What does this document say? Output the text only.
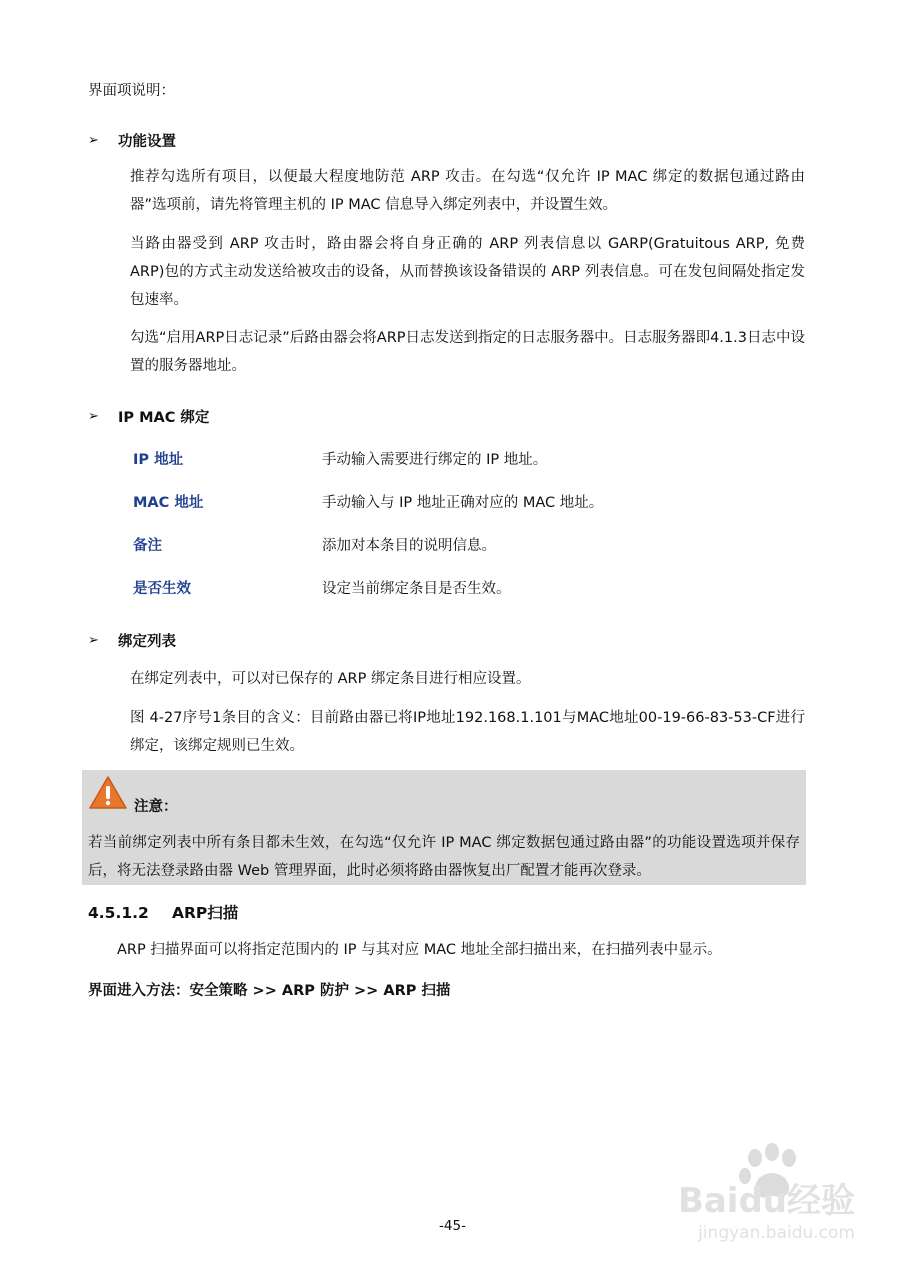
界面项说明：
➢	功能设置
推荐勾选所有项目，以便最大程度地防范 ARP 攻击。在勾选“仅允许 IP MAC 绑定的数据包通过路由器”选项前，请先将管理主机的 IP MAC 信息导入绑定列表中，并设置生效。
当路由器受到 ARP 攻击时，路由器会将自身正确的 ARP 列表信息以 GARP(Gratuitous ARP, 免费 ARP)包的方式主动发送给被攻击的设备，从而替换该设备错误的 ARP 列表信息。可在发包间隔处指定发包速率。
勾选“启用ARP日志记录”后路由器会将ARP日志发送到指定的日志服务器中。日志服务器即4.1.3日志中设置的服务器地址。
➢	IP MAC 绑定
IP 地址	手动输入需要进行绑定的 IP 地址。
MAC 地址	手动输入与 IP 地址正确对应的 MAC 地址。
备注	添加对本条目的说明信息。
是否生效	设定当前绑定条目是否生效。
➢	绑定列表
在绑定列表中，可以对已保存的 ARP 绑定条目进行相应设置。
图 4-27序号1条目的含义：目前路由器已将IP地址192.168.1.101与MAC地址00-19-66-83-53-CF进行绑定，该绑定规则已生效。
注意：
若当前绑定列表中所有条目都未生效，在勾选“仅允许 IP MAC 绑定数据包通过路由器”的功能设置选项并保存后，将无法登录路由器 Web 管理界面，此时必须将路由器恢复出厂配置才能再次登录。
4.5.1.2 ARP扫描
ARP 扫描界面可以将指定范围内的 IP 与其对应 MAC 地址全部扫描出来，在扫描列表中显示。
界面进入方法：安全策略 >> ARP 防护 >> ARP 扫描
Baidu经验
jingyan.baidu.com
-45-
